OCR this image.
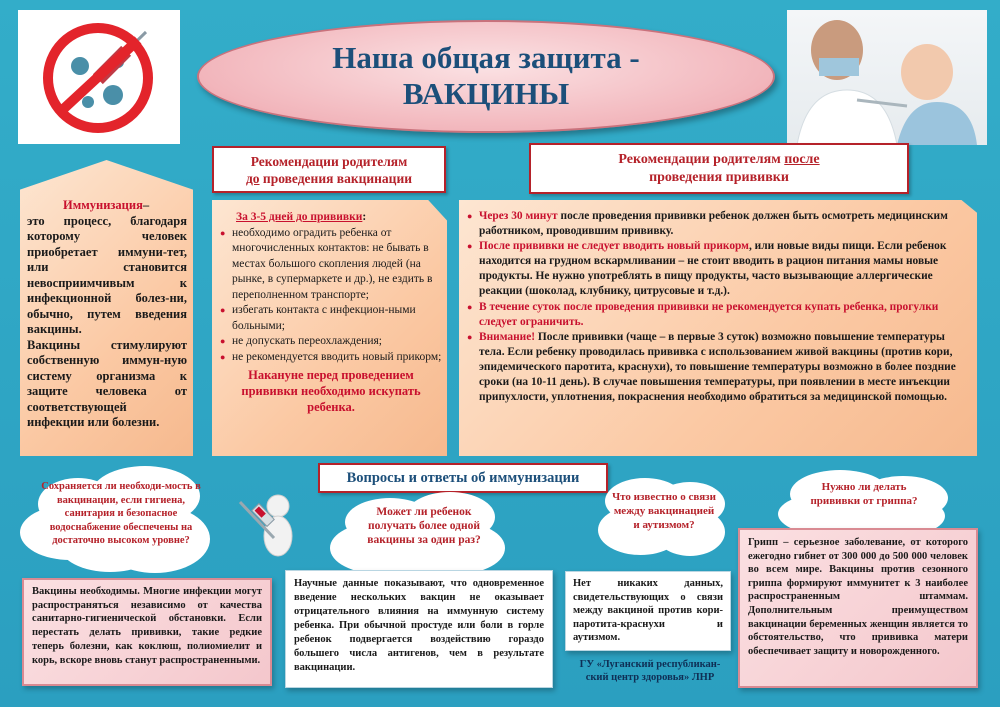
Наша общая защита -

ВАКЦИНЫ

Иммунизация–

это процесс, благодаря которому человек приобретает иммуни-тет, или становится невосприимчивым к инфекционной болез-ни, обычно, путем введения вакцины.

Вакцины стимулируют собственную иммун-ную систему организма к защите человека от соответствующей инфекции или болезни.

Рекомендации родителям
до проведения вакцинации

За 3-5 дней до прививки:

● необходимо оградить ребенка от многочисленных контактов: не бывать в местах большого скопления людей (на рынке, в супермаркете и др.), не ездить в переполненном транспорте;

● избегать контакта с инфекцион-ными больными;

● не допускать переохлаждения;

● не рекомендуется вводить новый прикорм;

Накануне перед проведением прививки необходимо искупать ребенка.

Рекомендации родителям после
проведения прививки

● Через 30 минут после проведения прививки ребенок должен быть осмотреть медицинским работником, проводившим прививку.

● После прививки не следует вводить новый прикорм, или новые виды пищи. Если ребенок находится на грудном вскармливании – не стоит вводить в рацион питания мамы новые продукты. Не нужно употреблять в пищу продукты, часто вызывающие аллергические реакции (шоколад, клубнику, цитрусовые и т.д.).

● В течение суток после проведения прививки не рекомендуется купать ребенка, прогулки следует ограничить.

● Внимание! После прививки (чаще – в первые 3 суток) возможно повышение температуры тела. Если ребенку проводилась прививка с использованием живой вакцины (против кори, эпидемического паротита, краснухи), то повышение температуры возможно в более поздние сроки (на 10-11 день). В случае повышения температуры, при появлении в месте инъекции припухлости, уплотнения, покраснения необходимо обратиться за медицинской помощью.

Вопросы и ответы об иммунизации
Сохраняется ли необходи-мость в вакцинации, если гигиена, санитария и безопасное водоснабжение обеспечены на достаточно высоком уровне?
Может ли ребенок получать более одной вакцины за один раз?
Что известно о связи между вакцинацией и аутизмом?
Нужно ли делать прививки от гриппа?

Вакцины необходимы. Многие инфекции могут распространяться независимо от качества санитарно-гигиенической обстановки. Если перестать делать прививки, такие редкие теперь болезни, как коклюш, полиомиелит и корь, вскоре вновь станут распространенными.

Научные данные показывают, что одновременное введение нескольких вакцин не оказывает отрицательного влияния на иммунную систему ребенка. При обычной простуде или боли в горле ребенок подвергается воздействию гораздо большего числа антигенов, чем в результате вакцинации.

Нет никаких данных, свидетельствующих о связи между вакциной против кори-паротита-краснухи и аутизмом.

ГУ «Луганский республикан-ский центр здоровья» ЛНР

Грипп – серьезное заболевание, от которого ежегодно гибнет от 300 000 до 500 000 человек во всем мире. Вакцины против сезонного гриппа формируют иммунитет к 3 наиболее распространенным штаммам. Дополнительным преимуществом вакцинации беременных женщин является то обстоятельство, что прививка матери обеспечивает защиту и новорожденного.
